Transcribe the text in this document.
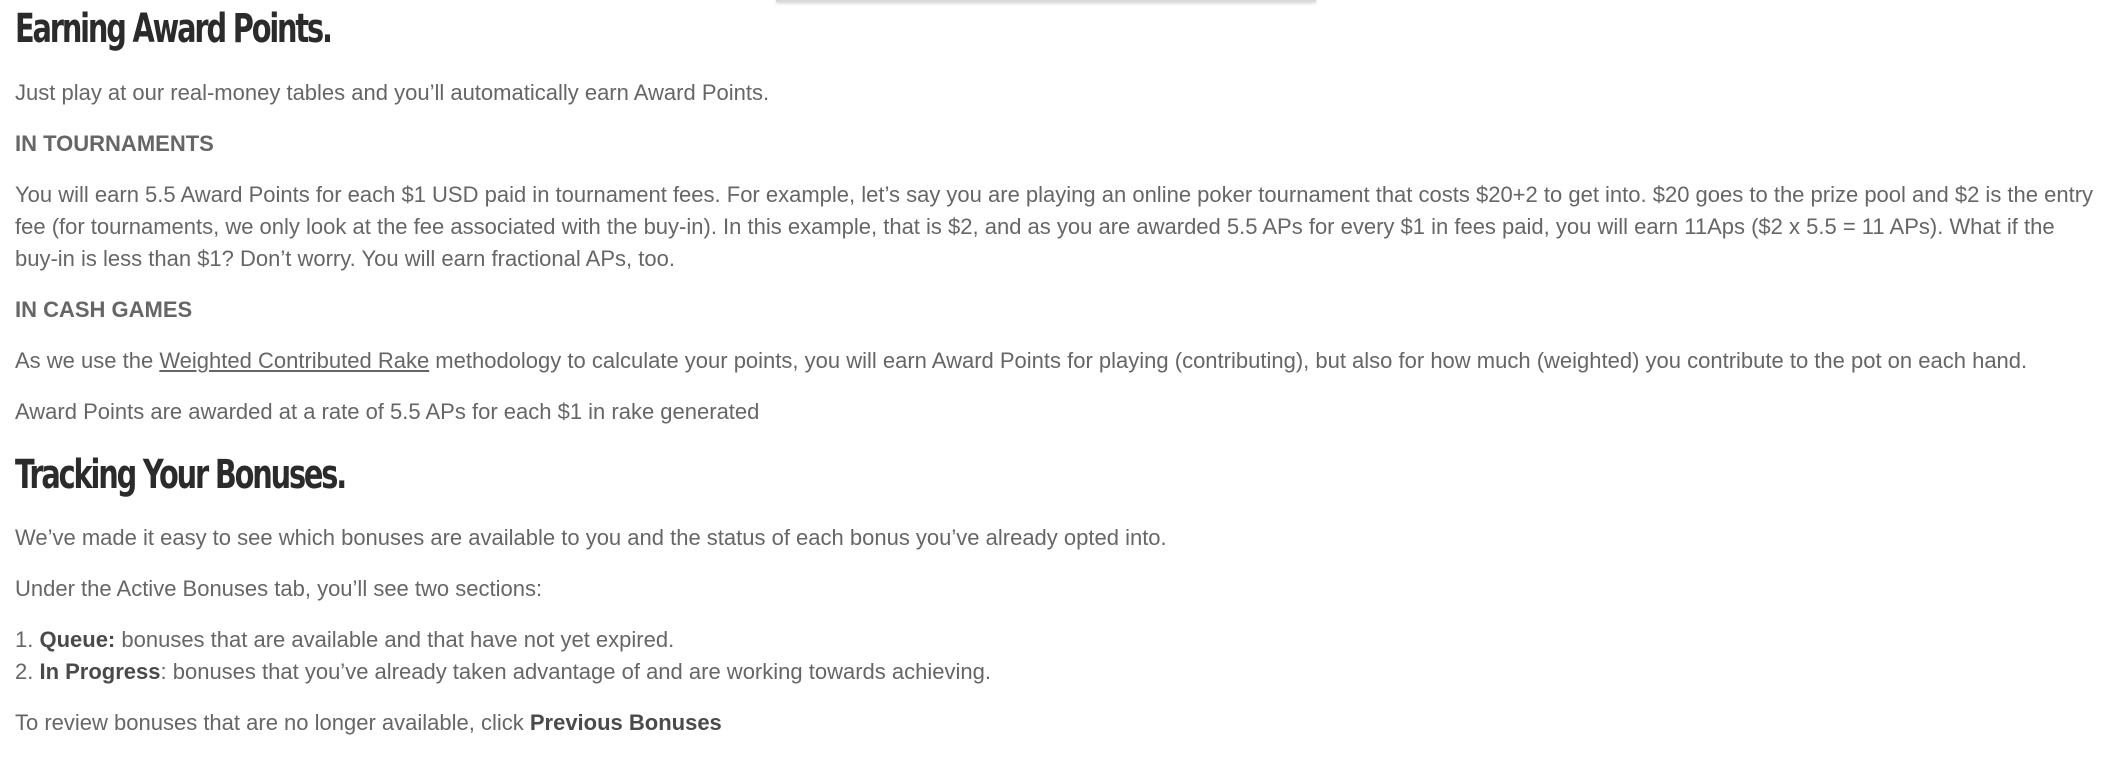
Earning Award Points.

Just play at our real-money tables and you’ll automatically earn Award Points.

IN TOURNAMENTS

You will earn 5.5 Award Points for each $1 USD paid in tournament fees. For example, let’s say you are playing an online poker tournament that costs $20+2 to get into. $20 goes to the prize pool and $2 is the entry fee (for tournaments, we only look at the fee associated with the buy-in). In this example, that is $2, and as you are awarded 5.5 APs for every $1 in fees paid, you will earn 11Aps ($2 x 5.5 = 11 APs). What if the buy-in is less than $1? Don’t worry. You will earn fractional APs, too.

IN CASH GAMES

As we use the Weighted Contributed Rake methodology to calculate your points, you will earn Award Points for playing (contributing), but also for how much (weighted) you contribute to the pot on each hand.

Award Points are awarded at a rate of 5.5 APs for each $1 in rake generated

Tracking Your Bonuses.

We’ve made it easy to see which bonuses are available to you and the status of each bonus you’ve already opted into.

Under the Active Bonuses tab, you’ll see two sections:

1. Queue: bonuses that are available and that have not yet expired.
2. In Progress: bonuses that you’ve already taken advantage of and are working towards achieving.

To review bonuses that are no longer available, click Previous Bonuses
